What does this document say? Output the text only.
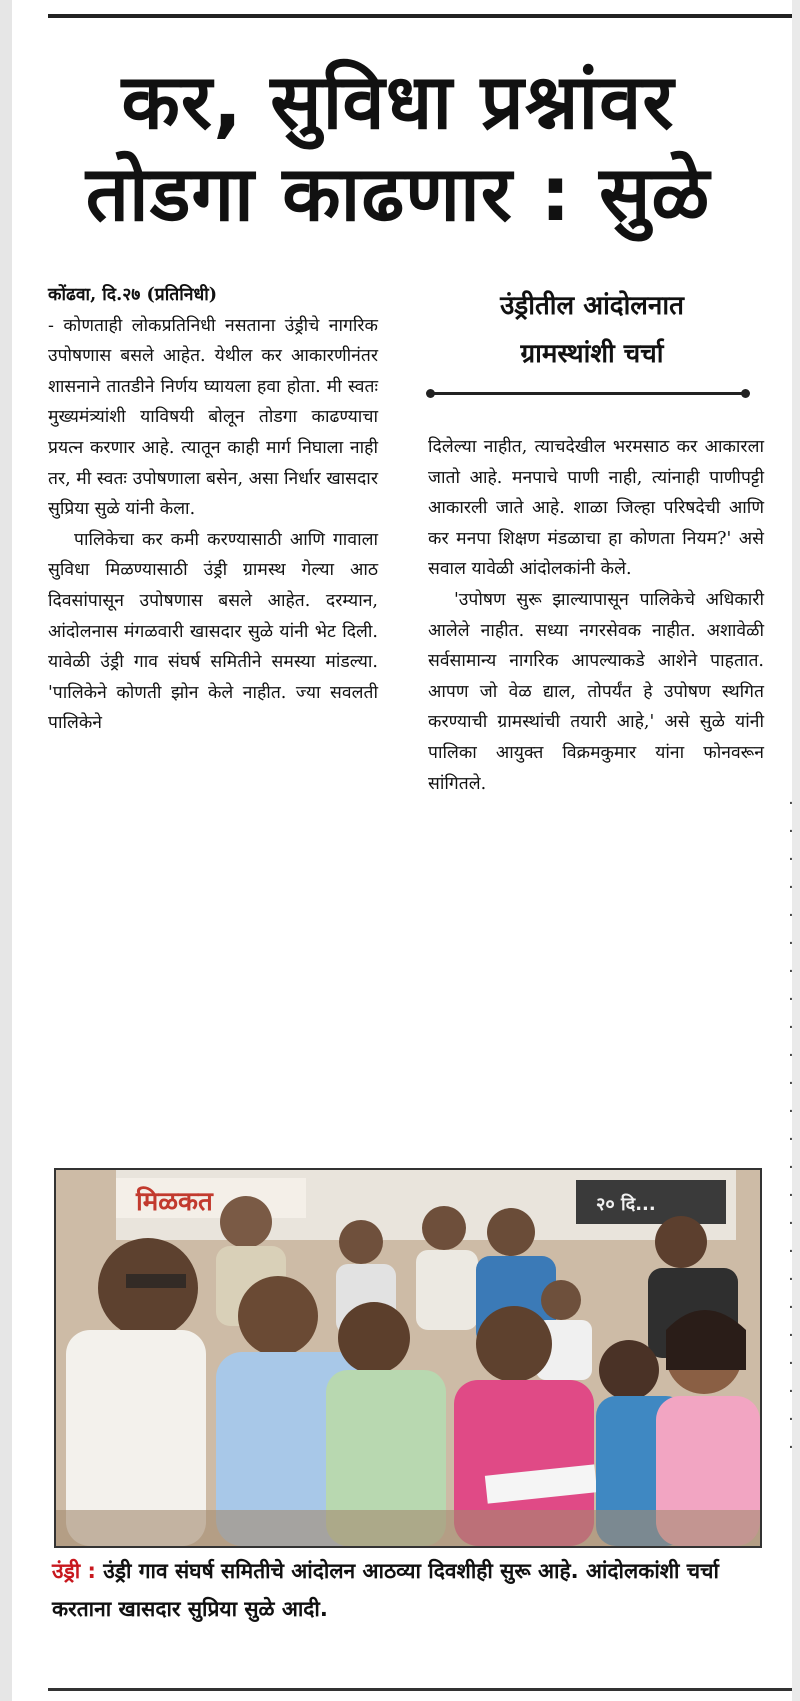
·
·
·
·
·
·
·
·
·
·
·
·
·
·
·
·
·
·
·
·
·
·
·
·
कर, सुविधा प्रश्नांवर
तोडगा काढणार : सुळे

कोंढवा, दि.२७ (प्रतिनिधी)

- कोणताही लोकप्रतिनिधी नसताना उंड्रीचे नागरिक उपोषणास बसले आहेत. येथील कर आकारणीनंतर शासनाने तातडीने निर्णय घ्यायला हवा होता. मी स्वतः मुख्यमंत्र्यांशी याविषयी बोलून तोडगा काढण्याचा प्रयत्न करणार आहे. त्यातून काही मार्ग निघाला नाही तर, मी स्वतः उपोषणाला बसेन, असा निर्धार खासदार सुप्रिया सुळे यांनी केला.

पालिकेचा कर कमी करण्यासाठी आणि गावाला सुविधा मिळण्यासाठी उंड्री ग्रामस्थ गेल्या आठ दिवसांपासून उपोषणास बसले आहेत. दरम्यान, आंदोलनास मंगळवारी खासदार सुळे यांनी भेट दिली. यावेळी उंड्री गाव संघर्ष समितीने समस्या मांडल्या. 'पालिकेने कोणती झोन केले नाहीत. ज्या सवलती पालिकेने

उंड्रीतील आंदोलनात
ग्रामस्थांशी चर्चा

दिलेल्या नाहीत, त्याचदेखील भरमसाठ कर आकारला जातो आहे. मनपाचे पाणी नाही, त्यांनाही पाणीपट्टी आकारली जाते आहे. शाळा जिल्हा परिषदेची आणि कर मनपा शिक्षण मंडळाचा हा कोणता नियम?' असे सवाल यावेळी आंदोलकांनी केले.

'उपोषण सुरू झाल्यापासून पालिकेचे अधिकारी आलेले नाहीत. सध्या नगरसेवक नाहीत. अशावेळी सर्वसामान्य नागरिक आपल्याकडे आशेने पाहतात. आपण जो वेळ द्याल, तोपर्यंत हे उपोषण स्थगित करण्याची ग्रामस्थांची तयारी आहे,' असे सुळे यांनी पालिका आयुक्त विक्रमकुमार यांना फोनवरून सांगितले.

मिळकत	२० दि...
उंड्री : उंड्री गाव संघर्ष समितीचे आंदोलन आठव्या दिवशीही सुरू आहे. आंदोलकांशी चर्चा करताना खासदार सुप्रिया सुळे आदी.
